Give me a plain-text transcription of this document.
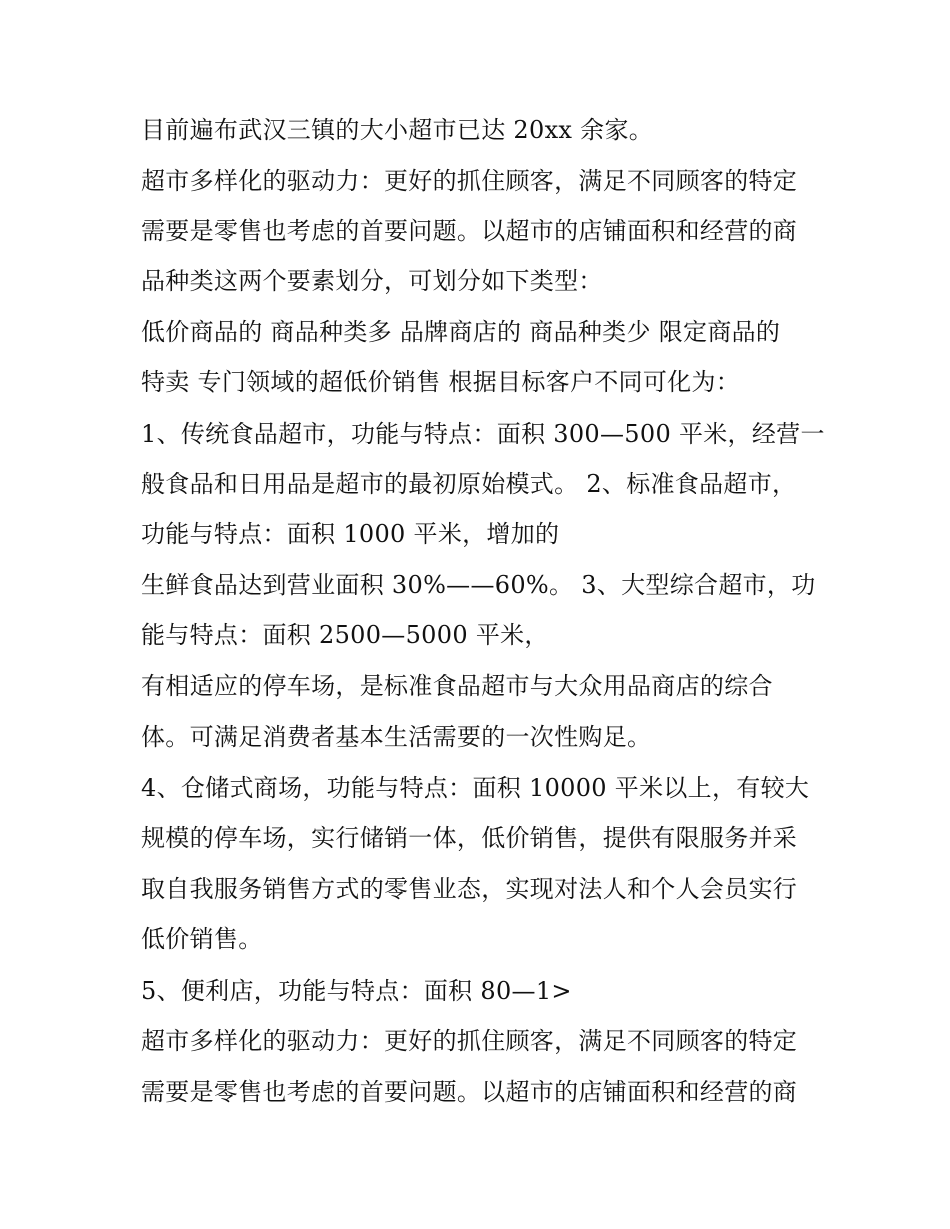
目前遍布武汉三镇的大小超市已达 20xx 余家。
超市多样化的驱动力：更好的抓住顾客，满足不同顾客的特定
需要是零售也考虑的首要问题。以超市的店铺面积和经营的商
品种类这两个要素划分，可划分如下类型：
低价商品的 商品种类多 品牌商店的 商品种类少 限定商品的
特卖 专门领域的超低价销售 根据目标客户不同可化为：
1、传统食品超市，功能与特点：面积 300—500 平米，经营一
般食品和日用品是超市的最初原始模式。 2、标准食品超市，
功能与特点：面积 1000 平米，增加的
生鲜食品达到营业面积 30%——60%。 3、大型综合超市，功
能与特点：面积 2500—5000 平米，
有相适应的停车场，是标准食品超市与大众用品商店的综合
体。可满足消费者基本生活需要的一次性购足。
4、仓储式商场，功能与特点：面积 10000 平米以上，有较大
规模的停车场，实行储销一体，低价销售，提供有限服务并采
取自我服务销售方式的零售业态，实现对法人和个人会员实行
低价销售。
5、便利店，功能与特点：面积 80—1>
超市多样化的驱动力：更好的抓住顾客，满足不同顾客的特定
需要是零售也考虑的首要问题。以超市的店铺面积和经营的商
